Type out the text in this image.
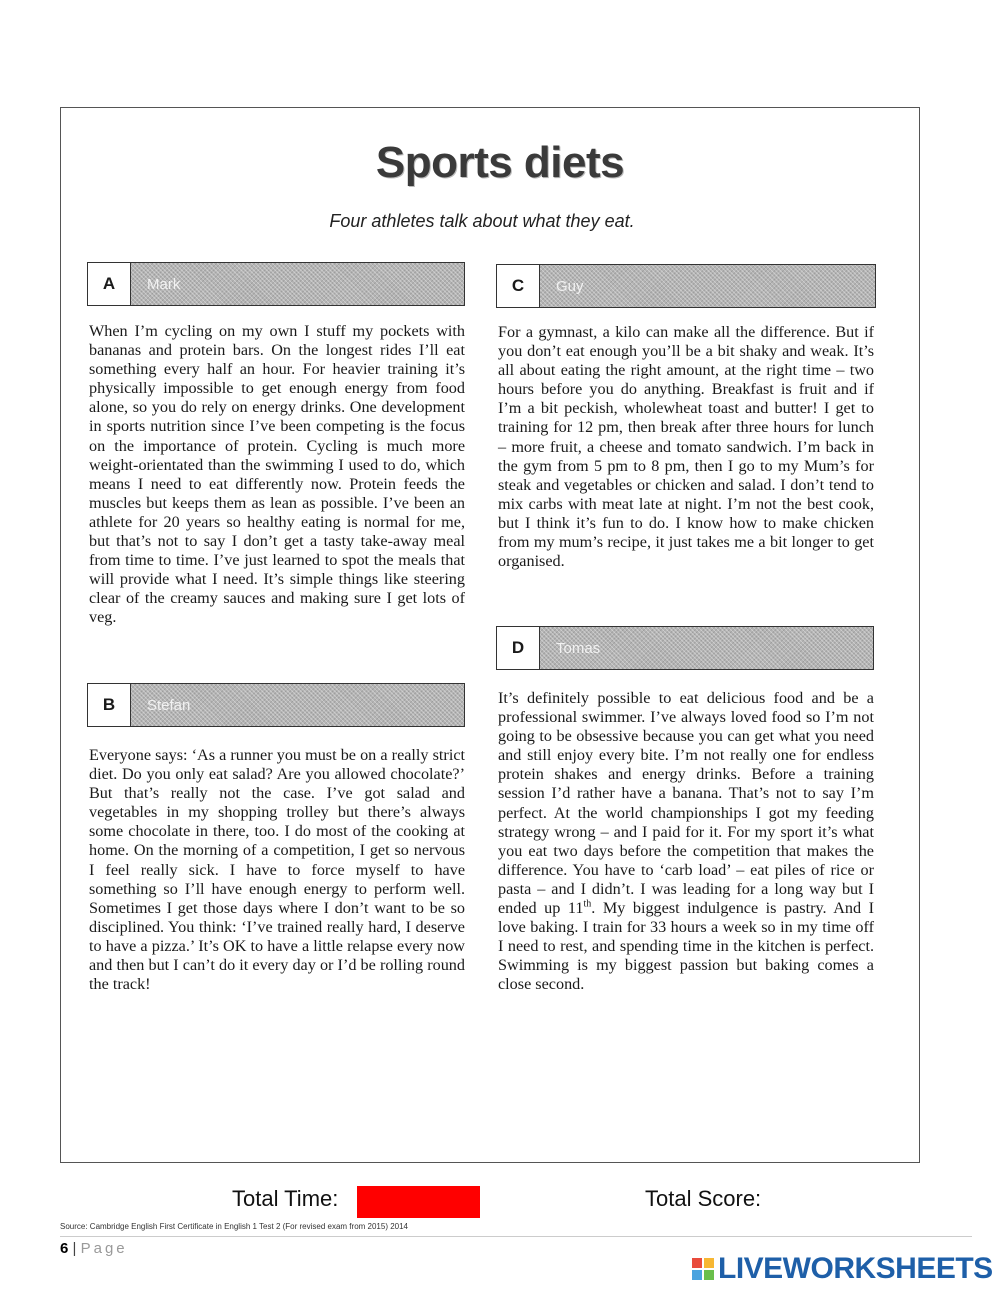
Sports diets
Four athletes talk about what they eat.
A	Mark
When I’m cycling on my own I stuff my pockets with bananas and protein bars. On the longest rides I’ll eat something every half an hour. For heavier training it’s physically impossible to get enough energy from food alone, so you do rely on energy drinks. One development in sports nutrition since I’ve been competing is the focus on the importance of protein. Cycling is much more weight-orientated than the swimming I used to do, which means I need to eat differently now. Protein feeds the muscles but keeps them as lean as possible. I’ve been an athlete for 20 years so healthy eating is normal for me, but that’s not to say I don’t get a tasty take-away meal from time to time. I’ve just learned to spot the meals that will provide what I need. It’s simple things like steering clear of the creamy sauces and making sure I get lots of veg.
B	Stefan
Everyone says: ‘As a runner you must be on a really strict diet. Do you only eat salad? Are you allowed chocolate?’ But that’s really not the case. I’ve got salad and vegetables in my shopping trolley but there’s always some chocolate in there, too. I do most of the cooking at home. On the morning of a competition, I get so nervous I feel really sick. I have to force myself to have something so I’ll have enough energy to perform well. Sometimes I get those days where I don’t want to be so disciplined. You think: ‘I’ve trained really hard, I deserve to have a pizza.’ It’s OK to have a little relapse every now and then but I can’t do it every day or I’d be rolling round the track!
C	Guy
For a gymnast, a kilo can make all the difference. But if you don’t eat enough you’ll be a bit shaky and weak. It’s all about eating the right amount, at the right time – two hours before you do anything. Breakfast is fruit and if I’m a bit peckish, wholewheat toast and butter! I get to training for 12 pm, then break after three hours for lunch – more fruit, a cheese and tomato sandwich. I’m back in the gym from 5 pm to 8 pm, then I go to my Mum’s for steak and vegetables or chicken and salad. I don’t tend to mix carbs with meat late at night. I’m not the best cook, but I think it’s fun to do. I know how to make chicken from my mum’s recipe, it just takes me a bit longer to get organised.
D	Tomas
It’s definitely possible to eat delicious food and be a professional swimmer. I’ve always loved food so I’m not going to be obsessive because you can get what you need and still enjoy every bite. I’m not really one for endless protein shakes and energy drinks. Before a training session I’d rather have a banana. That’s not to say I’m perfect. At the world championships I got my feeding strategy wrong – and I paid for it. For my sport it’s what you eat two days before the competition that makes the difference. You have to ‘carb load’ – eat piles of rice or pasta – and I didn’t. I was leading for a long way but I ended up 11th. My biggest indulgence is pastry. And I love baking. I train for 33 hours a week so in my time off I need to rest, and spending time in the kitchen is perfect. Swimming is my biggest passion but baking comes a close second.
Total Time:	Total Score:
Source: Cambridge English First Certificate in English 1 Test 2 (For revised exam from 2015) 2014
6 | Page
LIVEWORKSHEETS
